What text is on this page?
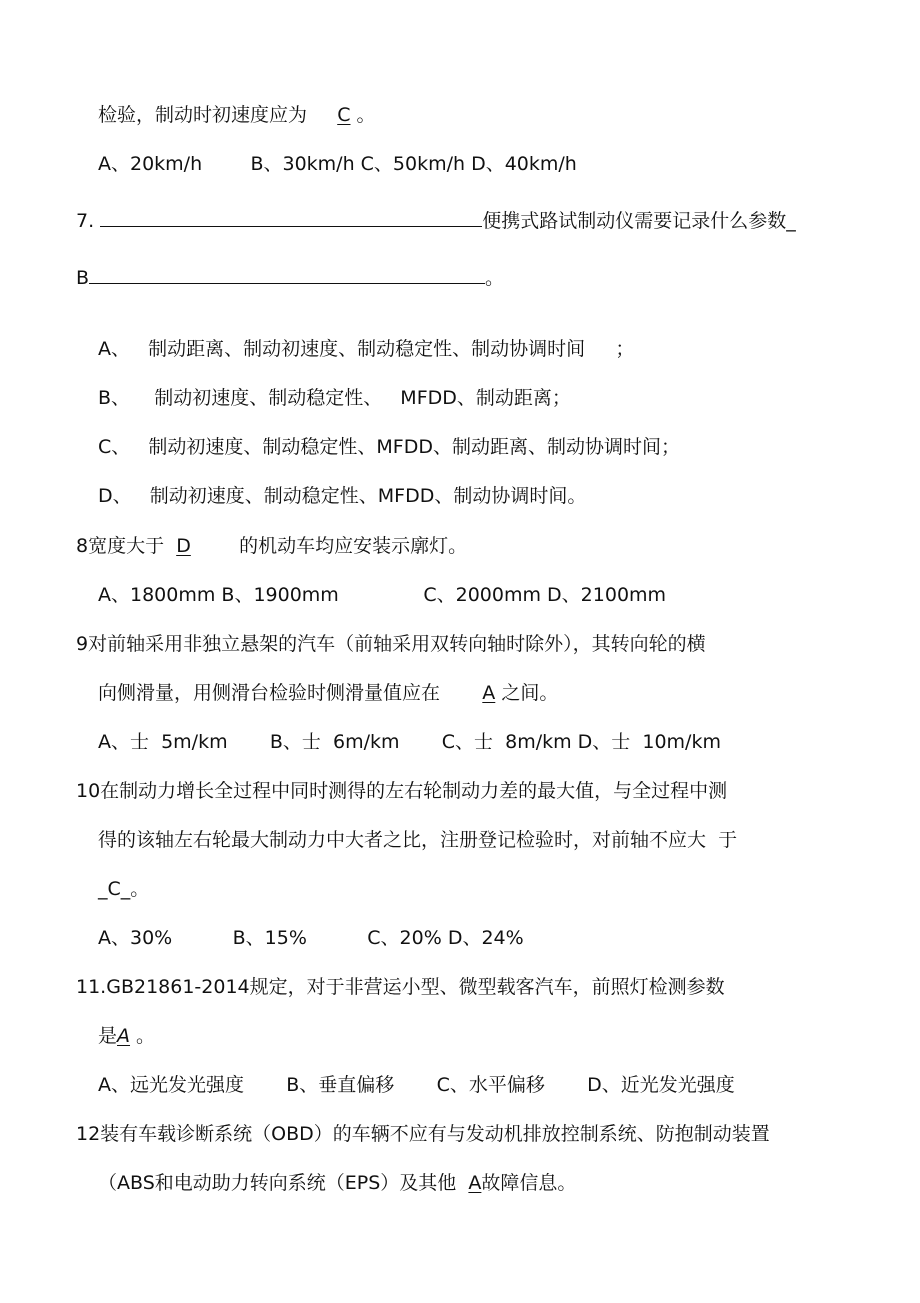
检验，制动时初速度应为 C 。
A、20km/h        B、30km/h C、50km/h D、40km/h
7.	便携式路试制动仪需要记录什么参数_
B	。
A、   制动距离、制动初速度、制动稳定性、制动协调时间     ；
B、    制动初速度、制动稳定性、   MFDD、制动距离；
C、   制动初速度、制动稳定性、MFDD、制动距离、制动协调时间；
D、   制动初速度、制动稳定性、MFDD、制动协调时间。
8宽度大于 D	的机动车均应安装示廓灯。
A、1800mm B、1900mm              C、2000mm D、2100mm
9对前轴采用非独立悬架的汽车（前轴采用双转向轴时除外），其转向轮的横
向侧滑量，用侧滑台检验时侧滑量值应在 A 之间。
A、士  5m/km       B、士  6m/km       C、士  8m/km D、士  10m/km
10在制动力增长全过程中同时测得的左右轮制动力差的最大值，与全过程中测
得的该轴左右轮最大制动力中大者之比，注册登记检验时，对前轴不应大  于
_C_。
A、30%          B、15%          C、20% D、24%
11.GB21861-2014规定，对于非营运小型、微型载客汽车，前照灯检测参数
是A 。
A、远光发光强度       B、垂直偏移       C、水平偏移       D、近光发光强度
12装有车载诊断系统（OBD）的车辆不应有与发动机排放控制系统、防抱制动装置
（ABS和电动助力转向系统（EPS）及其他 A故障信息。
